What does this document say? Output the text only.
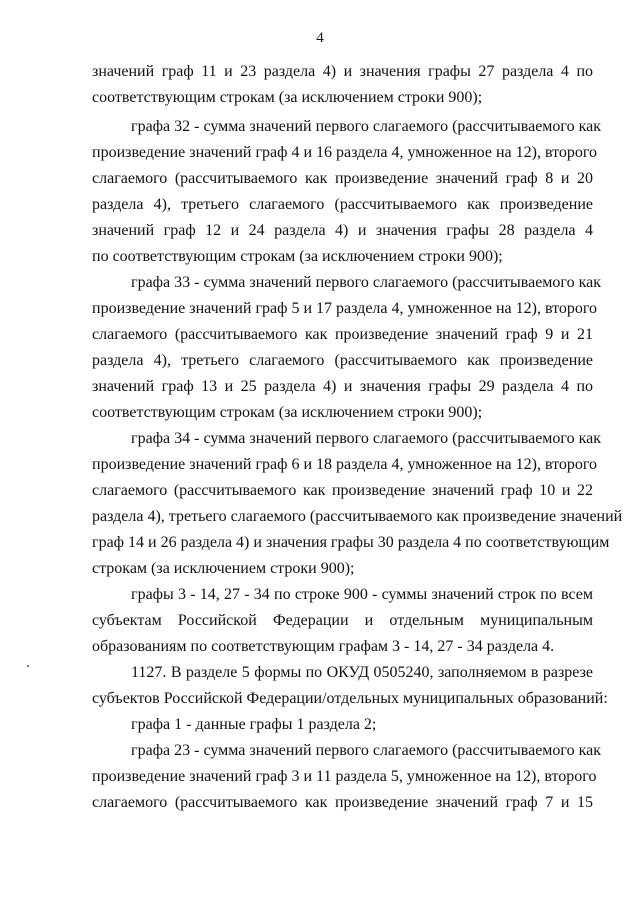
4
значений граф 11 и 23 раздела 4) и значения графы 27 раздела 4 по
соответствующим строкам (за исключением строки 900);
графа 32 - сумма значений первого слагаемого (рассчитываемого как
произведение значений граф 4 и 16 раздела 4, умноженное на 12), второго
слагаемого (рассчитываемого как произведение значений граф 8 и 20
раздела 4), третьего слагаемого (рассчитываемого как произведение
значений граф 12 и 24 раздела 4) и значения графы 28 раздела 4
по соответствующим строкам (за исключением строки 900);
графа 33 - сумма значений первого слагаемого (рассчитываемого как
произведение значений граф 5 и 17 раздела 4, умноженное на 12), второго
слагаемого (рассчитываемого как произведение значений граф 9 и 21
раздела 4), третьего слагаемого (рассчитываемого как произведение
значений граф 13 и 25 раздела 4) и значения графы 29 раздела 4 по
соответствующим строкам (за исключением строки 900);
графа 34 - сумма значений первого слагаемого (рассчитываемого как
произведение значений граф 6 и 18 раздела 4, умноженное на 12), второго
слагаемого (рассчитываемого как произведение значений граф 10 и 22
раздела 4), третьего слагаемого (рассчитываемого как произведение значений
граф 14 и 26 раздела 4) и значения графы 30 раздела 4 по соответствующим
строкам (за исключением строки 900);
графы 3 - 14, 27 - 34 по строке 900 - суммы значений строк по всем
субъектам Российской Федерации и отдельным муниципальным
образованиям по соответствующим графам 3 - 14, 27 - 34 раздела 4.
1127. В разделе 5 формы по ОКУД 0505240, заполняемом в разрезе
субъектов Российской Федерации/отдельных муниципальных образований:
графа 1 - данные графы 1 раздела 2;
графа 23 - сумма значений первого слагаемого (рассчитываемого как
произведение значений граф 3 и 11 раздела 5, умноженное на 12), второго
слагаемого (рассчитываемого как произведение значений граф 7 и 15
